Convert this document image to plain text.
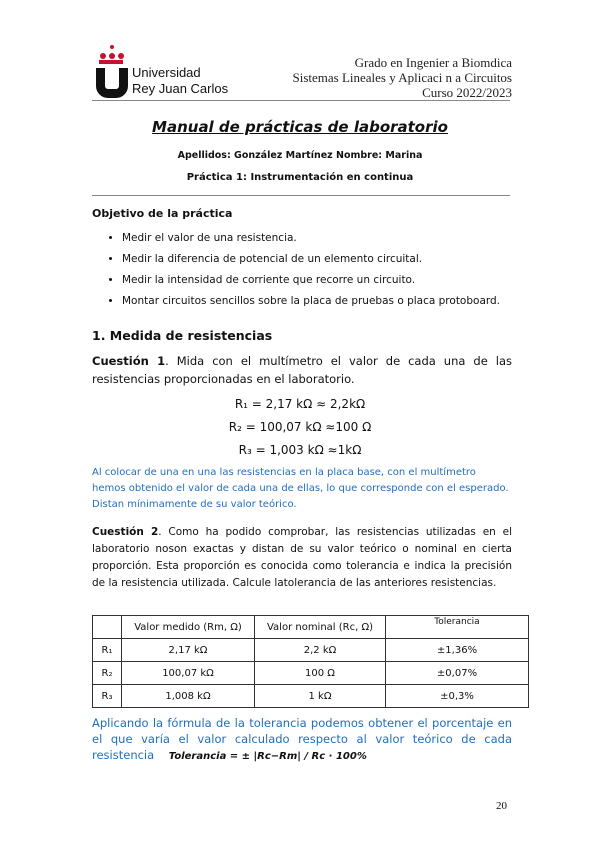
Universidad
Rey Juan Carlos
Grado en Ingenier a Biomdica
Sistemas Lineales y Aplicaci n a Circuitos
Curso 2022/2023
Manual de prácticas de laboratorio
Apellidos: González Martínez Nombre: Marina
Práctica 1: Instrumentación en continua
Objetivo de la práctica
• Medir el valor de una resistencia.
• Medir la diferencia de potencial de un elemento circuital.
• Medir la intensidad de corriente que recorre un circuito.
• Montar circuitos sencillos sobre la placa de pruebas o placa protoboard.
1. Medida de resistencias
Cuestión 1. Mida con el multímetro el valor de cada una de las resistencias proporcionadas en el laboratorio.
R₁ = 2,17 kΩ ≈ 2,2kΩ
R₂ = 100,07 kΩ ≈100 Ω
R₃ = 1,003 kΩ ≈1kΩ
Al colocar de una en una las resistencias en la placa base, con el multímetro hemos obtenido el valor de cada una de ellas, lo que corresponde con el esperado. Distan mínimamente de su valor teórico.
Cuestión 2. Como ha podido comprobar, las resistencias utilizadas en el laboratorio noson exactas y distan de su valor teórico o nominal en cierta proporción. Esta proporción es conocida como tolerancia e indica la precisión de la resistencia utilizada. Calcule latolerancia de las anteriores resistencias.
	Valor medido (Rm, Ω)	Valor nominal (Rc, Ω)	Tolerancia
R₁	2,17 kΩ	2,2 kΩ	±1,36%
R₂	100,07 kΩ	100 Ω	±0,07%
R₃	1,008 kΩ	1 kΩ	±0,3%
Aplicando la fórmula de la tolerancia podemos obtener el porcentaje en el que varía el valor calculado respecto al valor teórico de cada resistencia Tolerancia = ± |Rc−Rm| / Rc · 100%
20
